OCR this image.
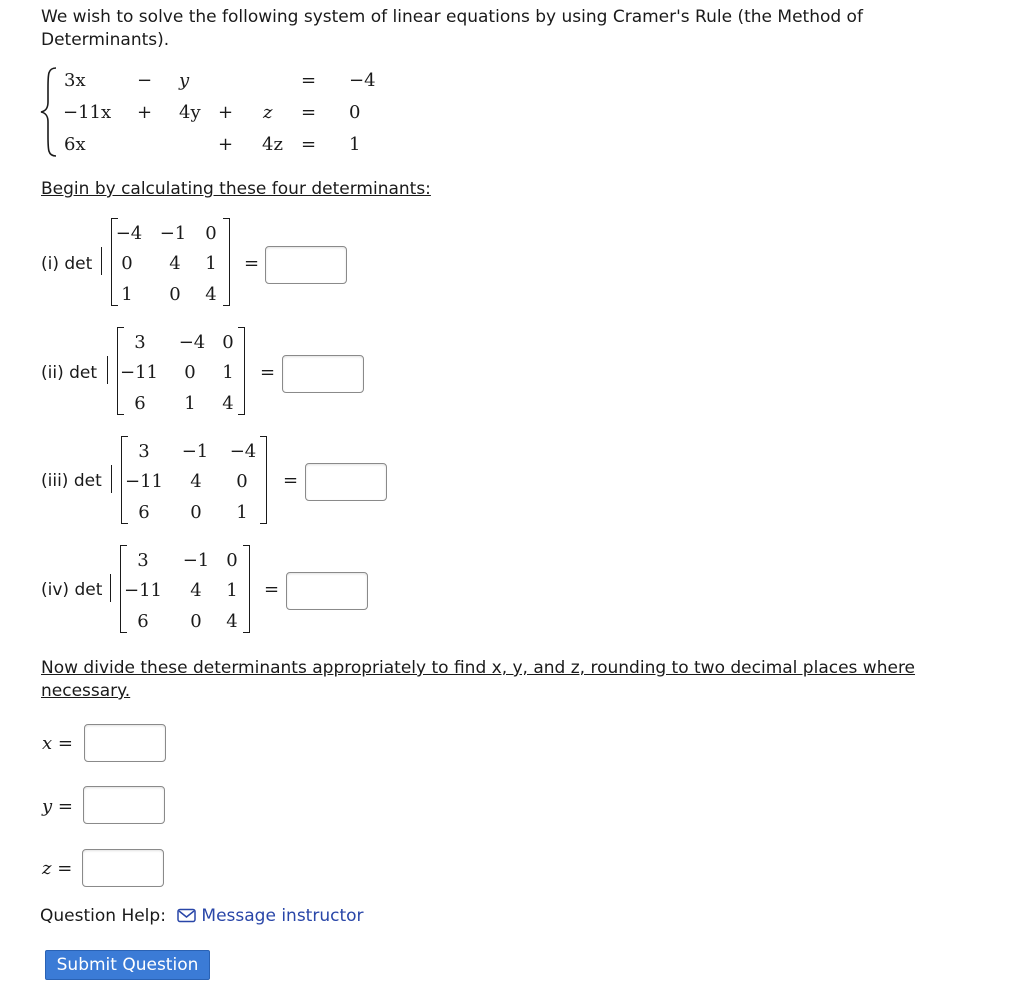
We wish to solve the following system of linear equations by using Cramer's Rule (the Method of
Determinants).
3x	− y	= −4
−11x + 4y + z = 0
6x	+ 4z = 1
Begin by calculating these four determinants:
(i) det
−4 −1	0
0	4	1
1	0	4
=
(ii) det
3	−4 0
−11	0	1
6	1	4
=
(iii) det
3	−1	−4
−11	4	0
6	0	1
=
(iv) det
3	−1 0
−11	4	1
6	0	4
=
Now divide these determinants appropriately to find x, y, and z, rounding to two decimal places where
necessary.
x =
y =
z =
Question Help:	Message instructor
Submit Question
